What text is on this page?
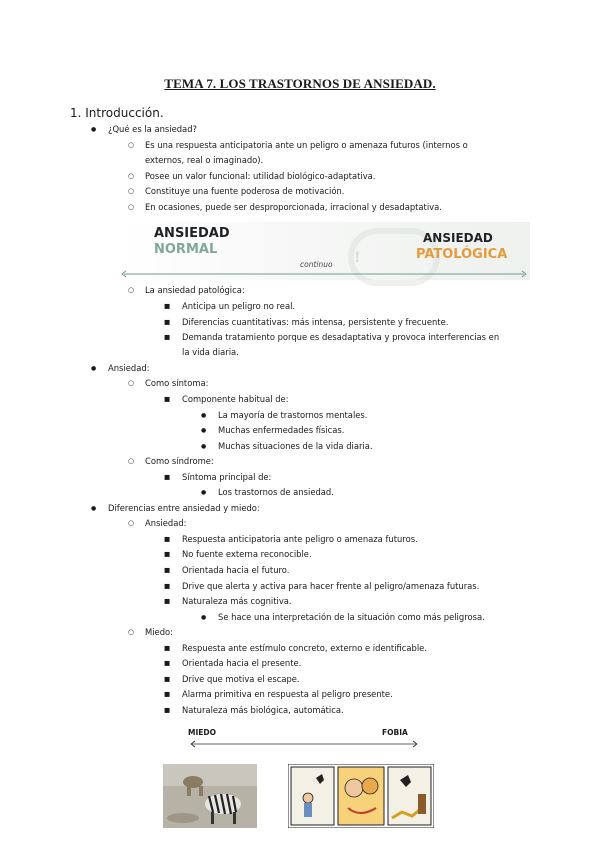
TEMA 7. LOS TRASTORNOS DE ANSIEDAD.
1. Introducción.
● ¿Qué es la ansiedad?
○ Es una respuesta anticipatoria ante un peligro o amenaza futuros (internos o
externos, real o imaginado).
○ Posee un valor funcional: utilidad biológico-adaptativa.
○ Constituye una fuente poderosa de motivación.
○ En ocasiones, puede ser desproporcionada, irracional y desadaptativa.
!
ANSIEDAD
NORMAL
ANSIEDAD
PATOLÓGICA
continuo
○ La ansiedad patológica:
■ Anticipa un peligro no real.
■ Diferencias cuantitativas: más intensa, persistente y frecuente.
■ Demanda tratamiento porque es desadaptativa y provoca interferencias en
la vida diaria.
● Ansiedad:
○ Como síntoma:
■ Componente habitual de:
● La mayoría de trastornos mentales.
● Muchas enfermedades físicas.
● Muchas situaciones de la vida diaria.
○ Como síndrome:
■ Síntoma principal de:
● Los trastornos de ansiedad.
● Diferencias entre ansiedad y miedo:
○ Ansiedad:
■ Respuesta anticipatoria ante peligro o amenaza futuros.
■ No fuente externa reconocible.
■ Orientada hacia el futuro.
■ Drive que alerta y activa para hacer frente al peligro/amenaza futuras.
■ Naturaleza más cognitiva.
● Se hace una interpretación de la situación como más peligrosa.
○ Miedo:
■ Respuesta ante estímulo concreto, externo e identificable.
■ Orientada hacia el presente.
■ Drive que motiva el escape.
■ Alarma primitiva en respuesta al peligro presente.
■ Naturaleza más biológica, automática.
MIEDO	FOBIA
